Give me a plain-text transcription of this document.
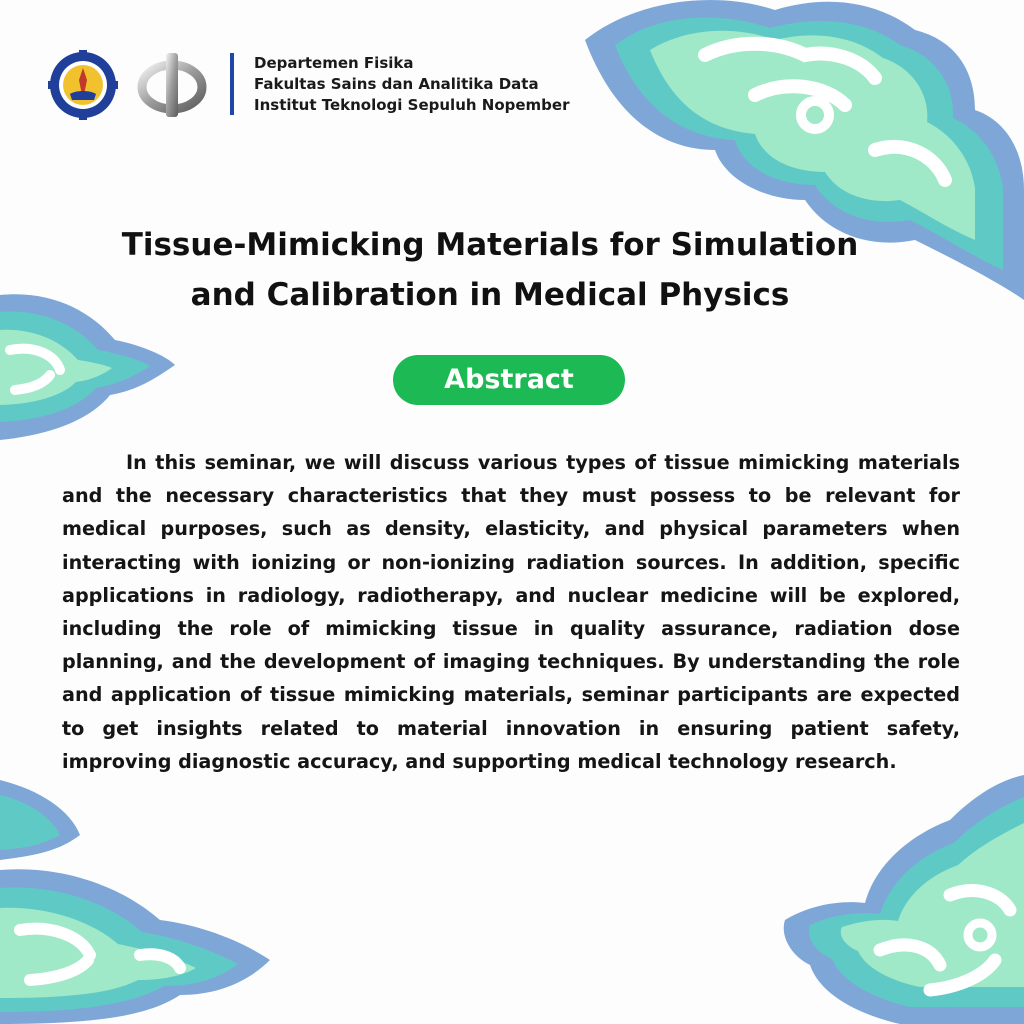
Departemen Fisika
Fakultas Sains dan Analitika Data
Institut Teknologi Sepuluh Nopember
Tissue-Mimicking Materials for Simulation
and Calibration in Medical Physics
Abstract
In this seminar, we will discuss various types of tissue mimicking materials and the necessary characteristics that they must possess to be relevant for medical purposes, such as density, elasticity, and physical parameters when interacting with ionizing or non-ionizing radiation sources. In addition, specific applications in radiology, radiotherapy, and nuclear medicine will be explored, including the role of mimicking tissue in quality assurance, radiation dose planning, and the development of imaging techniques. By understanding the role and application of tissue mimicking materials, seminar participants are expected to get insights related to material innovation in ensuring patient safety, improving diagnostic accuracy, and supporting medical technology research.
